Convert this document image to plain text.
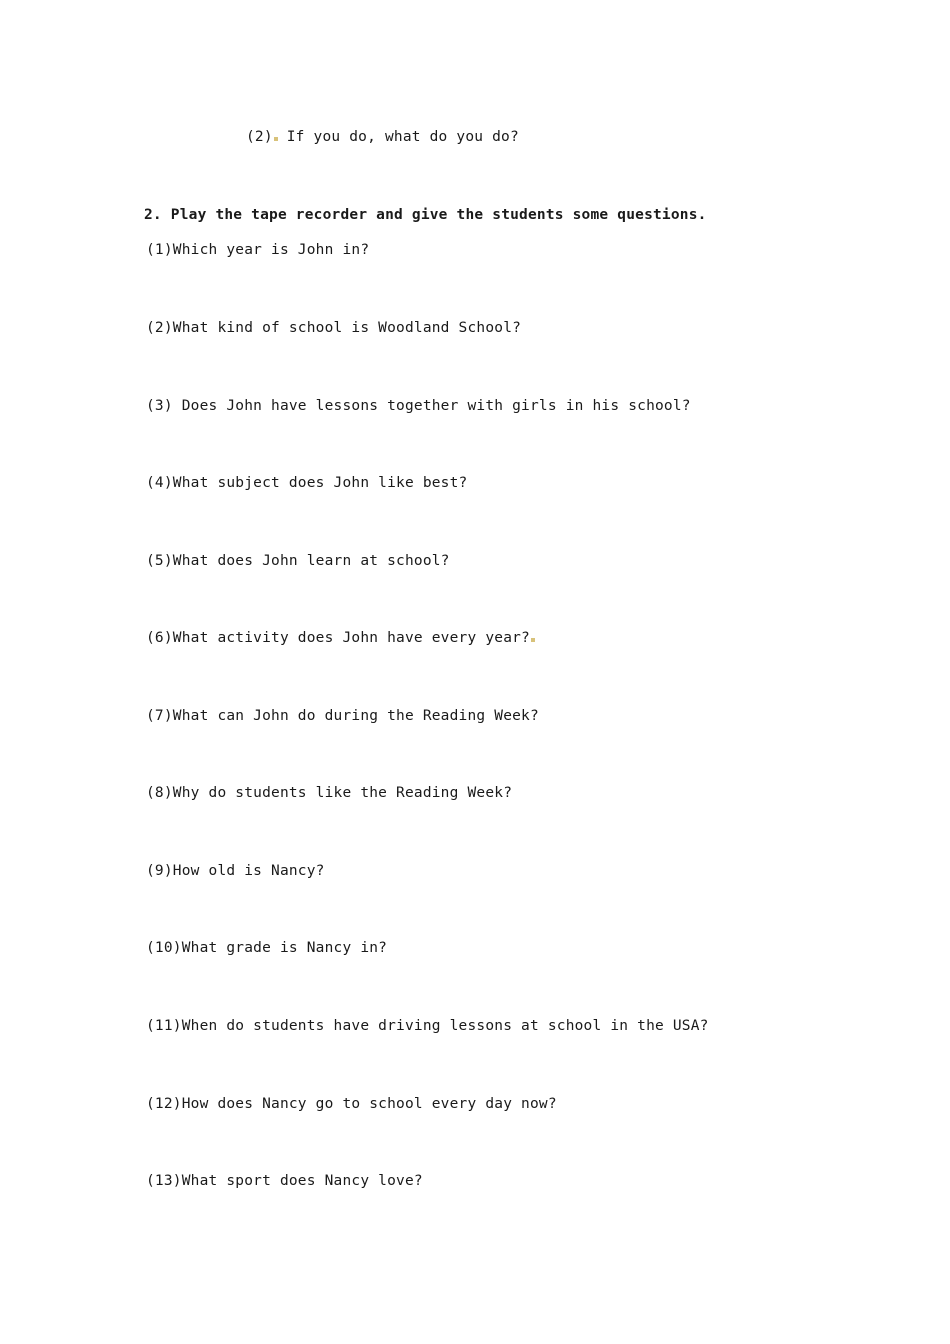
(2) If you do, what do you do?
2. Play the tape recorder and give the students some questions.
(1)Which year is John in?
(2)What kind of school is Woodland School?
(3) Does John have lessons together with girls in his school?
(4)What subject does John like best?
(5)What does John learn at school?
(6)What activity does John have every year?
(7)What can John do during the Reading Week?
(8)Why do students like the Reading Week?
(9)How old is Nancy?
(10)What grade is Nancy in?
(11)When do students have driving lessons at school in the USA?
(12)How does Nancy go to school every day now?
(13)What sport does Nancy love?
